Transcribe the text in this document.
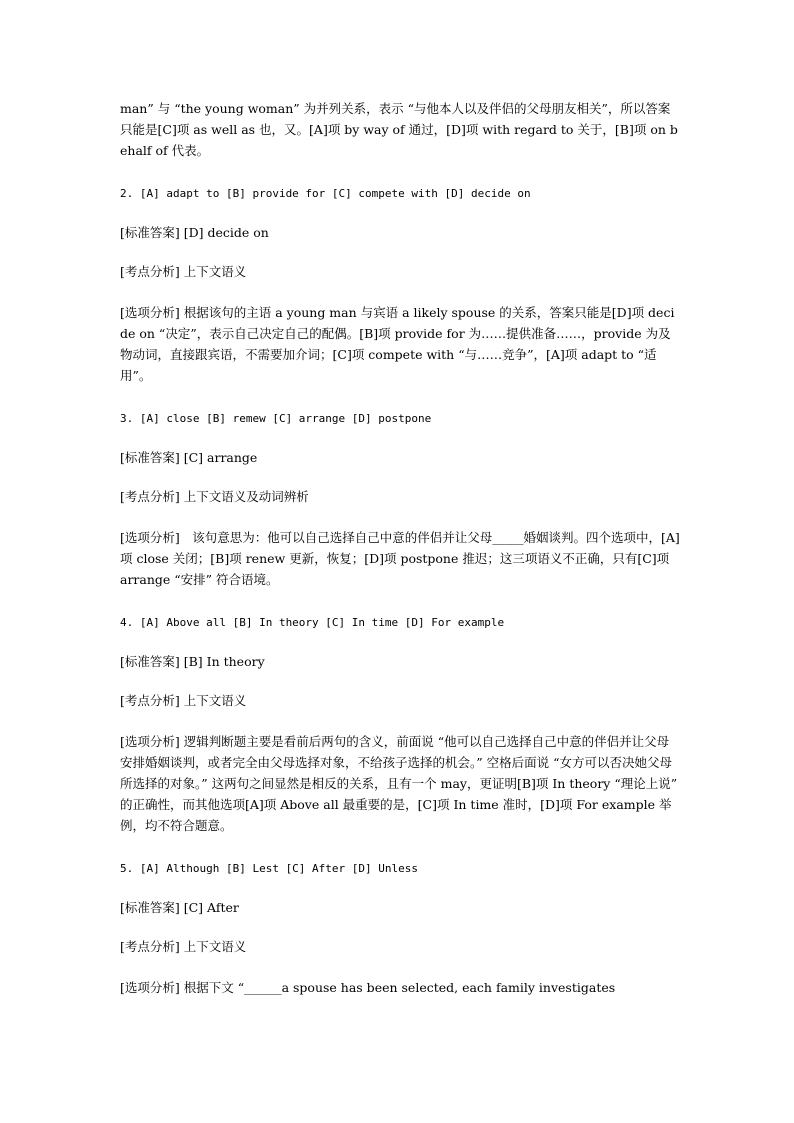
man” 与 “the young woman” 为并列关系，表示 “与他本人以及伴侣的父母朋友相关”，所以答案只能是[C]项 as well as 也，又。[A]项 by way of 通过，[D]项 with regard to 关于，[B]项 on behalf of 代表。

2. [A] adapt to [B] provide for [C] compete with [D] decide on

[标准答案] [D] decide on

[考点分析] 上下文语义

[选项分析] 根据该句的主语 a young man 与宾语 a likely spouse 的关系，答案只能是[D]项 decide on “决定”，表示自己决定自己的配偶。[B]项 provide for 为……提供准备……，provide 为及物动词，直接跟宾语，不需要加介词；[C]项 compete with “与……竞争”，[A]项 adapt to “适用”。

3. [A] close [B] remew [C] arrange [D] postpone

[标准答案] [C] arrange

[考点分析] 上下文语义及动词辨析

[选项分析]　该句意思为：他可以自己选择自己中意的伴侣并让父母_____婚姻谈判。四个选项中，[A]项 close 关闭；[B]项 renew 更新，恢复；[D]项 postpone 推迟；这三项语义不正确，只有[C]项 arrange “安排” 符合语境。

4. [A] Above all [B] In theory [C] In time [D] For example

[标准答案] [B] In theory

[考点分析] 上下文语义

[选项分析] 逻辑判断题主要是看前后两句的含义，前面说 “他可以自己选择自己中意的伴侣并让父母安排婚姻谈判，或者完全由父母选择对象，不给孩子选择的机会。” 空格后面说 “女方可以否决她父母所选择的对象。” 这两句之间显然是相反的关系，且有一个 may，更证明[B]项 In theory “理论上说” 的正确性，而其他选项[A]项 Above all 最重要的是，[C]项 In time 准时，[D]项 For example 举例，均不符合题意。

5. [A] Although [B] Lest [C] After [D] Unless

[标准答案] [C] After

[考点分析] 上下文语义

[选项分析] 根据下文 “______a spouse has been selected, each family investigates
